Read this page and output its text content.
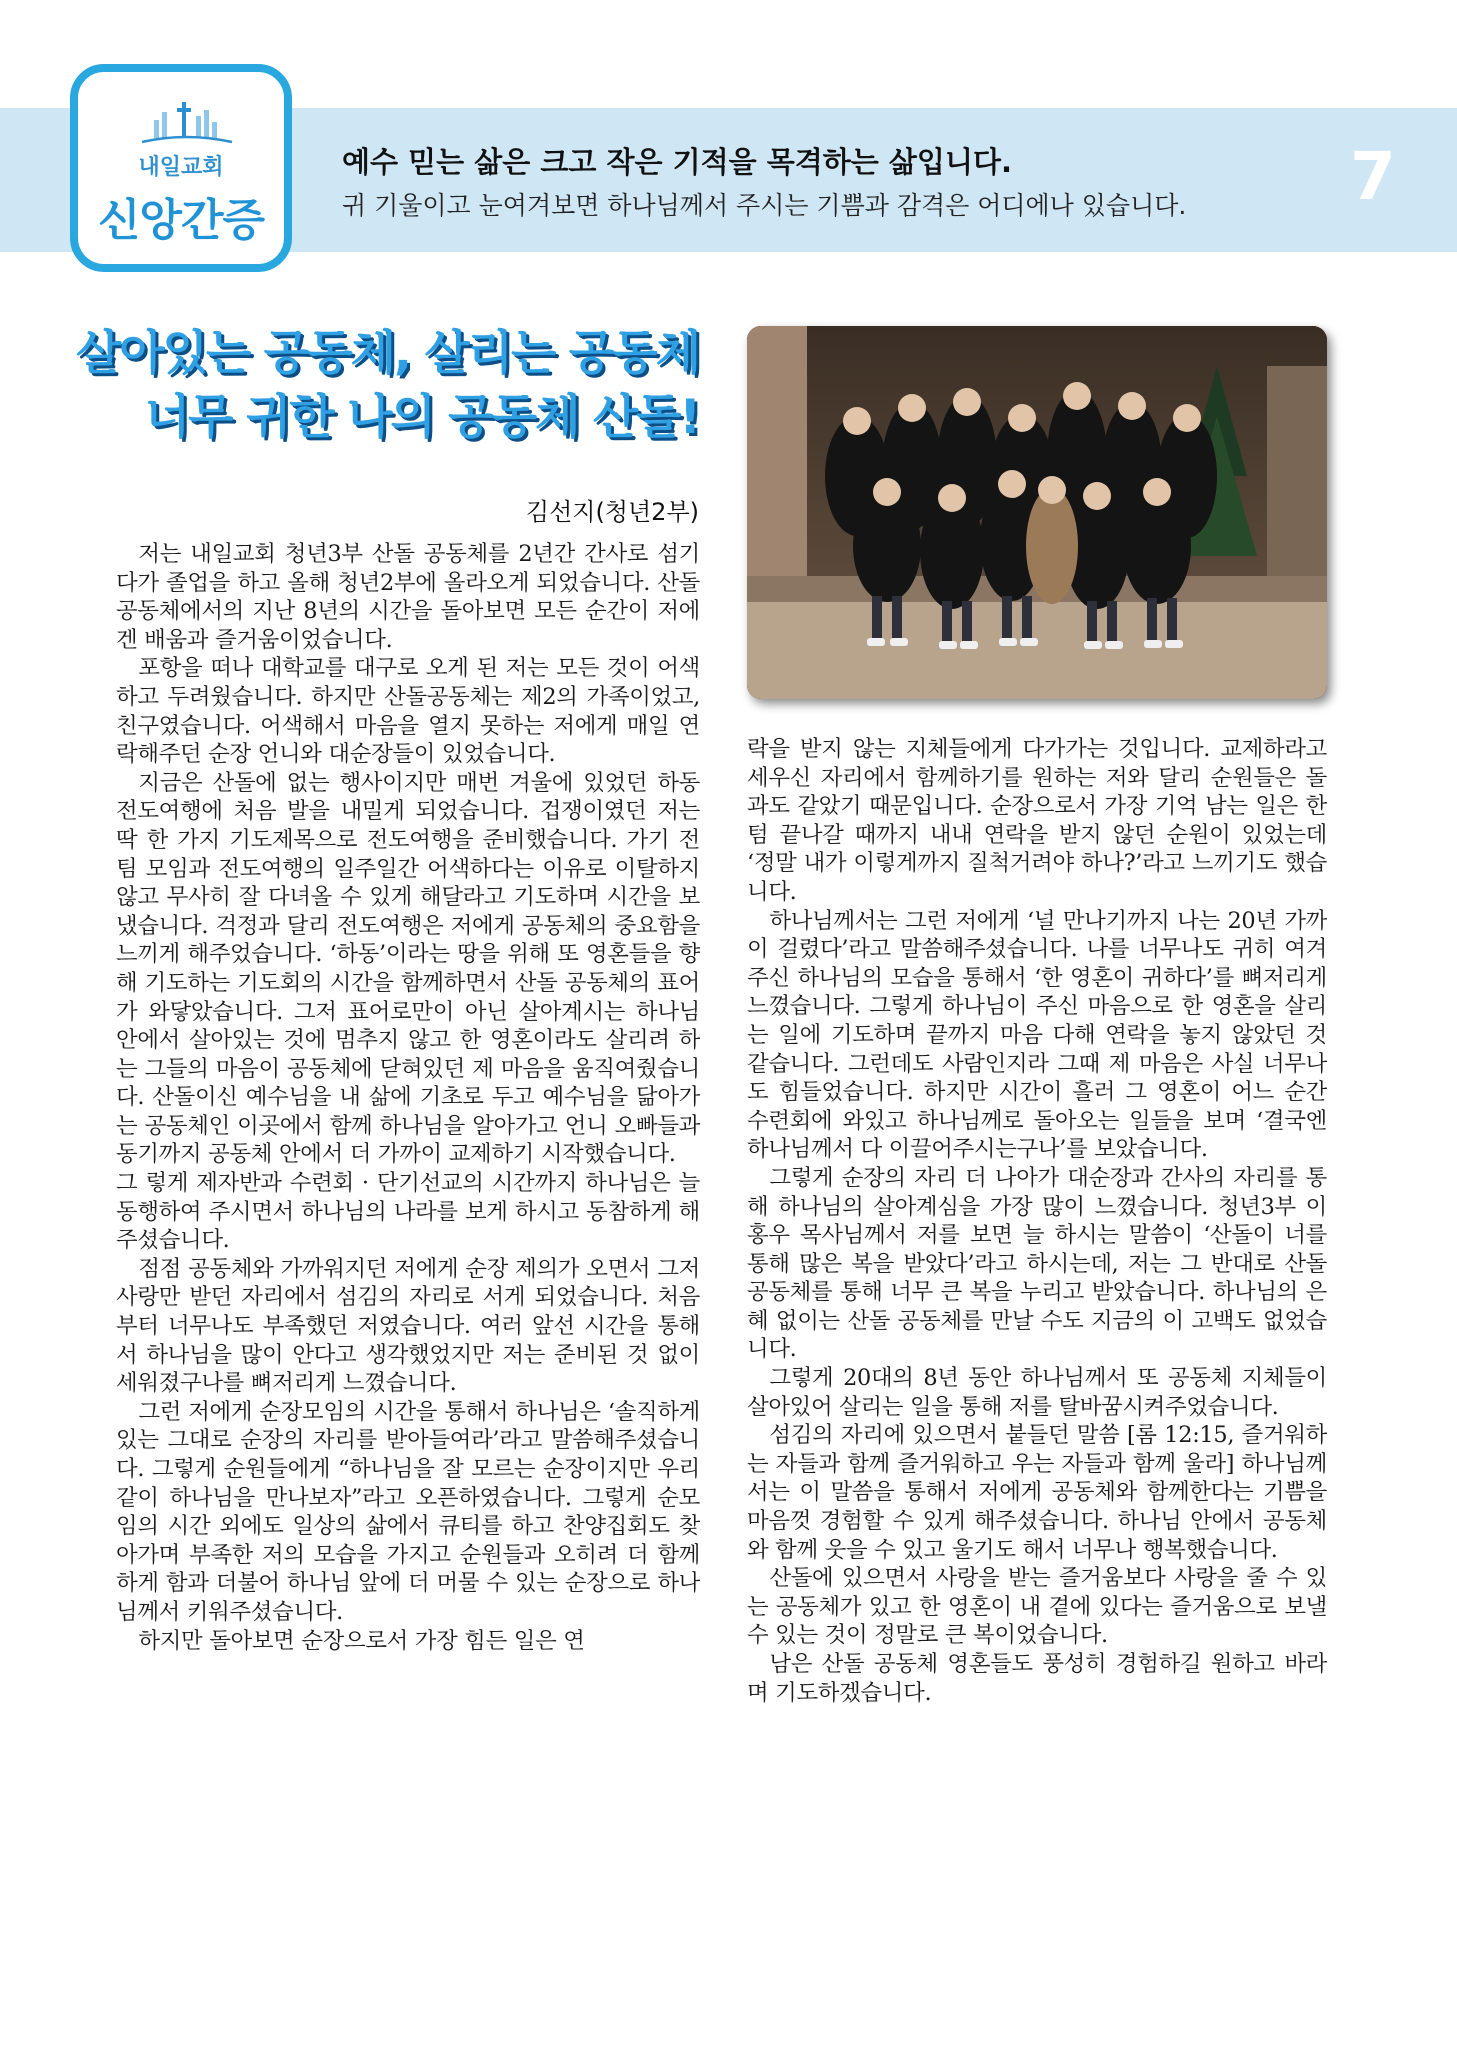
내일교회
신앙간증
예수 믿는 삶은 크고 작은 기적을 목격하는 삶입니다.
귀 기울이고 눈여겨보면 하나님께서 주시는 기쁨과 감격은 어디에나 있습니다. 7
살아있는 공동체, 살리는 공동체
너무 귀한 나의 공동체 산돌!
김선지(청년2부)

저는 내일교회 청년3부 산돌 공동체를 2년간 간사로 섬기다가 졸업을 하고 올해 청년2부에 올라오게 되었습니다. 산돌 공동체에서의 지난 8년의 시간을 돌아보면 모든 순간이 저에겐 배움과 즐거움이었습니다.

포항을 떠나 대학교를 대구로 오게 된 저는 모든 것이 어색하고 두려웠습니다. 하지만 산돌공동체는 제2의 가족이었고, 친구였습니다. 어색해서 마음을 열지 못하는 저에게 매일 연락해주던 순장 언니와 대순장들이 있었습니다.

지금은 산돌에 없는 행사이지만 매번 겨울에 있었던 하동 전도여행에 처음 발을 내밀게 되었습니다. 겁쟁이였던 저는 딱 한 가지 기도제목으로 전도여행을 준비했습니다. 가기 전 팀 모임과 전도여행의 일주일간 어색하다는 이유로 이탈하지 않고 무사히 잘 다녀올 수 있게 해달라고 기도하며 시간을 보냈습니다. 걱정과 달리 전도여행은 저에게 공동체의 중요함을 느끼게 해주었습니다. ‘하동’이라는 땅을 위해 또 영혼들을 향해 기도하는 기도회의 시간을 함께하면서 산돌 공동체의 표어가 와닿았습니다. 그저 표어로만이 아닌 살아계시는 하나님 안에서 살아있는 것에 멈추지 않고 한 영혼이라도 살리려 하는 그들의 마음이 공동체에 닫혀있던 제 마음을 움직여줬습니다. 산돌이신 예수님을 내 삶에 기초로 두고 예수님을 닮아가는 공동체인 이곳에서 함께 하나님을 알아가고 언니 오빠들과 동기까지 공동체 안에서 더 가까이 교제하기 시작했습니다.

그 렇게 제자반과 수련회 · 단기선교의 시간까지 하나님은 늘 동행하여 주시면서 하나님의 나라를 보게 하시고 동참하게 해주셨습니다.

점점 공동체와 가까워지던 저에게 순장 제의가 오면서 그저 사랑만 받던 자리에서 섬김의 자리로 서게 되었습니다. 처음부터 너무나도 부족했던 저였습니다. 여러 앞선 시간을 통해서 하나님을 많이 안다고 생각했었지만 저는 준비된 것 없이 세워졌구나를 뼈저리게 느꼈습니다.

그런 저에게 순장모임의 시간을 통해서 하나님은 ‘솔직하게 있는 그대로 순장의 자리를 받아들여라’라고 말씀해주셨습니다. 그렇게 순원들에게 “하나님을 잘 모르는 순장이지만 우리 같이 하나님을 만나보자”라고 오픈하였습니다. 그렇게 순모임의 시간 외에도 일상의 삶에서 큐티를 하고 찬양집회도 찾아가며 부족한 저의 모습을 가지고 순원들과 오히려 더 함께하게 함과 더불어 하나님 앞에 더 머물 수 있는 순장으로 하나님께서 키워주셨습니다.

하지만 돌아보면 순장으로서 가장 힘든 일은 연

락을 받지 않는 지체들에게 다가가는 것입니다. 교제하라고 세우신 자리에서 함께하기를 원하는 저와 달리 순원들은 돌과도 같았기 때문입니다. 순장으로서 가장 기억 남는 일은 한 텀 끝나갈 때까지 내내 연락을 받지 않던 순원이 있었는데 ‘정말 내가 이렇게까지 질척거려야 하나?’라고 느끼기도 했습니다.

하나님께서는 그런 저에게 ‘널 만나기까지 나는 20년 가까이 걸렸다’라고 말씀해주셨습니다. 나를 너무나도 귀히 여겨주신 하나님의 모습을 통해서 ‘한 영혼이 귀하다’를 뼈저리게 느꼈습니다. 그렇게 하나님이 주신 마음으로 한 영혼을 살리는 일에 기도하며 끝까지 마음 다해 연락을 놓지 않았던 것 같습니다. 그런데도 사람인지라 그때 제 마음은 사실 너무나도 힘들었습니다. 하지만 시간이 흘러 그 영혼이 어느 순간 수련회에 와있고 하나님께로 돌아오는 일들을 보며 ‘결국엔 하나님께서 다 이끌어주시는구나’를 보았습니다.

그렇게 순장의 자리 더 나아가 대순장과 간사의 자리를 통해 하나님의 살아계심을 가장 많이 느꼈습니다. 청년3부 이홍우 목사님께서 저를 보면 늘 하시는 말씀이 ‘산돌이 너를 통해 많은 복을 받았다’라고 하시는데, 저는 그 반대로 산돌공동체를 통해 너무 큰 복을 누리고 받았습니다. 하나님의 은혜 없이는 산돌 공동체를 만날 수도 지금의 이 고백도 없었습니다.

그렇게 20대의 8년 동안 하나님께서 또 공동체 지체들이 살아있어 살리는 일을 통해 저를 탈바꿈시켜주었습니다.

섬김의 자리에 있으면서 붙들던 말씀 [롬 12:15, 즐거워하는 자들과 함께 즐거워하고 우는 자들과 함께 울라] 하나님께서는 이 말씀을 통해서 저에게 공동체와 함께한다는 기쁨을 마음껏 경험할 수 있게 해주셨습니다. 하나님 안에서 공동체와 함께 웃을 수 있고 울기도 해서 너무나 행복했습니다.

산돌에 있으면서 사랑을 받는 즐거움보다 사랑을 줄 수 있는 공동체가 있고 한 영혼이 내 곁에 있다는 즐거움으로 보낼 수 있는 것이 정말로 큰 복이었습니다.

남은 산돌 공동체 영혼들도 풍성히 경험하길 원하고 바라며 기도하겠습니다.
